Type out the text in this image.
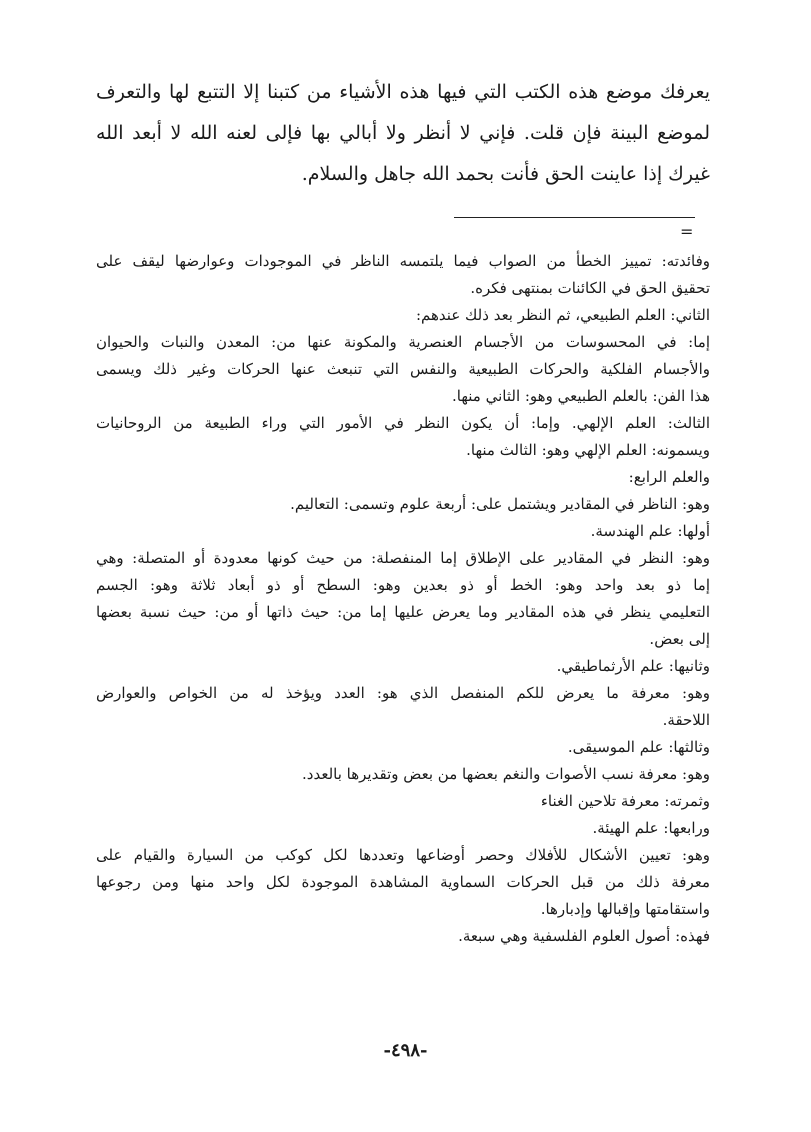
يعرفك موضع هذه الكتب التي فيها هذه الأشياء من كتبنا إلا التتبع لها والتعرف لموضع البينة فإن قلت. فإني لا أنظر ولا أبالي بها فإلى لعنه الله لا أبعد الله غيرك إذا عاينت الحق فأنت بحمد الله جاهل والسلام.

=
وفائدته: تمييز الخطأ من الصواب فيما يلتمسه الناظر في الموجودات وعوارضها ليقف على
تحقيق الحق في الكائنات بمنتهى فكره.
الثاني: العلم الطبيعي، ثم النظر بعد ذلك عندهم:
إما: في المحسوسات من الأجسام العنصرية والمكونة عنها من: المعدن والنبات والحيوان
والأجسام الفلكية والحركات الطبيعية والنفس التي تنبعث عنها الحركات وغير ذلك ويسمى
هذا الفن: بالعلم الطبيعي وهو: الثاني منها.
الثالث: العلم الإلهي. وإما: أن يكون النظر في الأمور التي وراء الطبيعة من الروحانيات
ويسمونه: العلم الإلهي وهو: الثالث منها.
والعلم الرابع:
وهو: الناظر في المقادير ويشتمل على: أربعة علوم وتسمى: التعاليم.
أولها: علم الهندسة.
وهو: النظر في المقادير على الإطلاق إما المنفصلة: من حيث كونها معدودة أو المتصلة: وهي
إما ذو بعد واحد وهو: الخط أو ذو بعدين وهو: السطح أو ذو أبعاد ثلاثة وهو: الجسم
التعليمي ينظر في هذه المقادير وما يعرض عليها إما من: حيث ذاتها أو من: حيث نسبة بعضها
إلى بعض.
وثانيها: علم الأرثماطيقي.
وهو: معرفة ما يعرض للكم المنفصل الذي هو: العدد ويؤخذ له من الخواص والعوارض
اللاحقة.
وثالثها: علم الموسيقى.
وهو: معرفة نسب الأصوات والنغم بعضها من بعض وتقديرها بالعدد.
وثمرته: معرفة تلاحين الغناء
ورابعها: علم الهيئة.
وهو: تعيين الأشكال للأفلاك وحصر أوضاعها وتعددها لكل كوكب من السيارة والقيام على
معرفة ذلك من قبل الحركات السماوية المشاهدة الموجودة لكل واحد منها ومن رجوعها
واستقامتها وإقبالها وإدبارها.
فهذه: أصول العلوم الفلسفية وهي سبعة.
-٤٩٨-
